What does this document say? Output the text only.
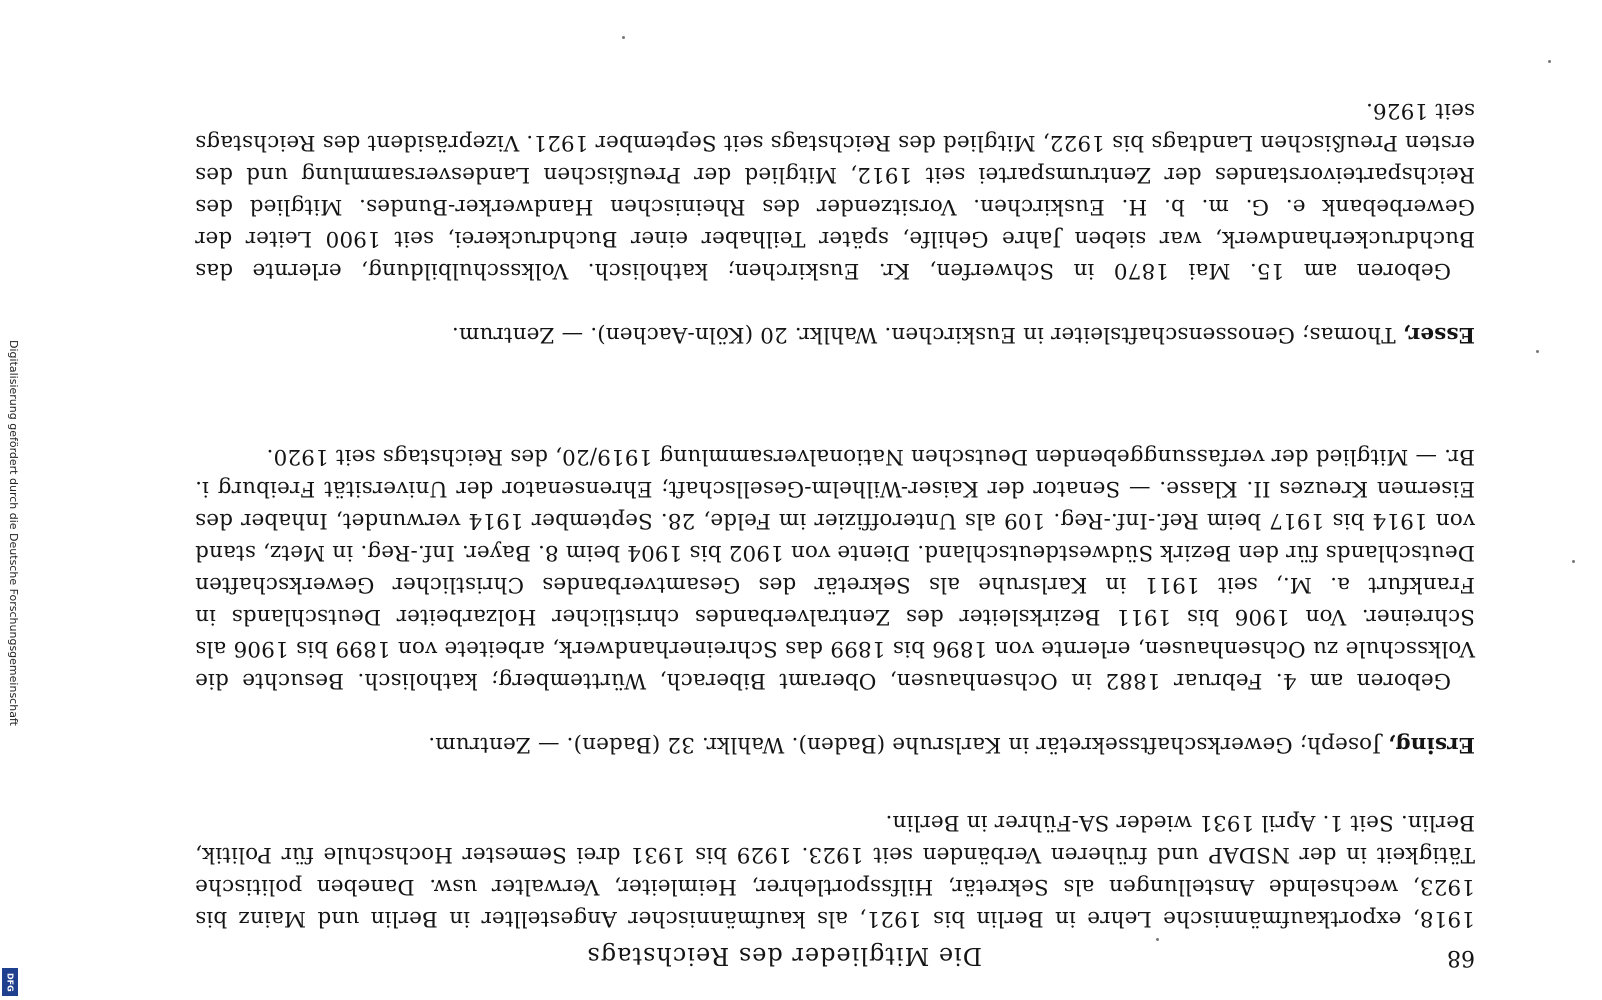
68
Die Mitglieder des Reichstags
1918, exportkaufmännische Lehre in Berlin bis 1921, als kaufmännischer Angestellter in Berlin und Mainz bis 1923, wechselnde Anstellungen als Sekretär, Hilfssportlehrer, Heimleiter, Verwalter usw. Daneben politische Tätigkeit in der NSDAP und früheren Verbänden seit 1923. 1929 bis 1931 drei Semester Hochschule für Politik, Berlin. Seit 1. April 1931 wieder SA-Führer in Berlin.
Ersing, Joseph; Gewerkschaftssekretär in Karlsruhe (Baden). Wahlkr. 32 (Baden). — Zentrum.
Geboren am 4. Februar 1882 in Ochsenhausen, Oberamt Biberach, Württemberg; katholisch. Besuchte die Volksschule zu Ochsenhausen, erlernte von 1896 bis 1899 das Schreinerhandwerk, arbeitete von 1899 bis 1906 als Schreiner. Von 1906 bis 1911 Bezirksleiter des Zentralverbandes christlicher Holzarbeiter Deutschlands in Frankfurt a. M., seit 1911 in Karlsruhe als Sekretär des Gesamtverbandes Christlicher Gewerkschaften Deutschlands für den Bezirk Südwestdeutschland. Diente von 1902 bis 1904 beim 8. Bayer. Inf.-Reg. in Metz, stand von 1914 bis 1917 beim Ref.-Inf.-Reg. 109 als Unteroffizier im Felde, 28. September 1914 verwundet, Inhaber des Eisernen Kreuzes II. Klasse. — Senator der Kaiser-Wilhelm-Gesellschaft; Ehrensenator der Universität Freiburg i. Br. — Mitglied der verfassunggebenden Deutschen Nationalversammlung 1919/20, des Reichstags seit 1920.
Esser, Thomas; Genossenschaftsleiter in Euskirchen. Wahlkr. 20 (Köln-Aachen). — Zentrum.
Geboren am 15. Mai 1870 in Schwerfen, Kr. Euskirchen; katholisch. Volksschulbildung, erlernte das Buchdruckerhandwerk, war sieben Jahre Gehilfe, später Teilhaber einer Buchdruckerei, seit 1900 Leiter der Gewerbebank e. G. m. b. H. Euskirchen. Vorsitzender des Rheinischen Handwerker-Bundes. Mitglied des Reichsparteivorstandes der Zentrumspartei seit 1912, Mitglied der Preußischen Landesversammlung und des ersten Preußischen Landtags bis 1922, Mitglied des Reichstags seit September 1921. Vizepräsident des Reichstags seit 1926.
Digitalisierung gefördert durch die Deutsche Forschungsgemeinschaft
DFG
